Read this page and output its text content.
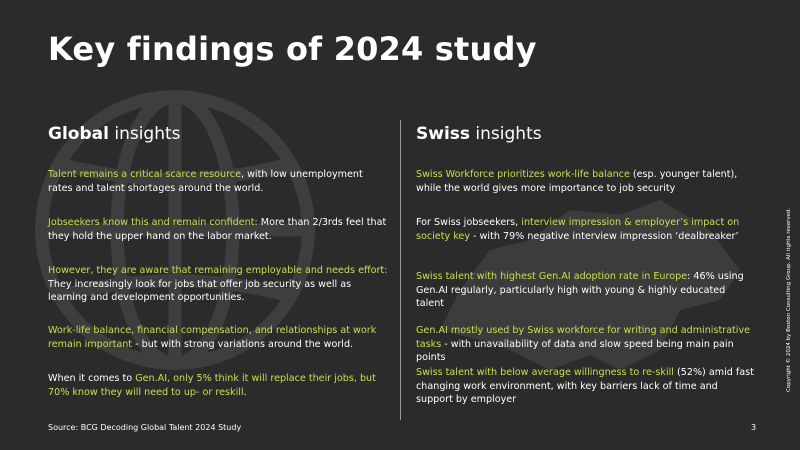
Key findings of 2024 study
Global insights	Swiss insights
Talent remains a critical scarce resource, with low unemployment rates and talent shortages around the world.
Jobseekers know this and remain confident: More than 2/3rds feel that they hold the upper hand on the labor market.
However, they are aware that remaining employable and needs effort: They increasingly look for jobs that offer job security as well as learning and development opportunities.
Work-life balance, financial compensation, and relationships at work remain important - but with strong variations around the world.
When it comes to Gen.AI, only 5% think it will replace their jobs, but 70% know they will need to up- or reskill.
Swiss Workforce prioritizes work-life balance (esp. younger talent), while the world gives more importance to job security
For Swiss jobseekers, interview impression & employer’s impact on society key - with 79% negative interview impression ‘dealbreaker’
Swiss talent with highest Gen.AI adoption rate in Europe: 46% using Gen.AI regularly, particularly high with young & highly educated talent
Gen.AI mostly used by Swiss workforce for writing and administrative tasks - with unavailability of data and slow speed being main pain points
Swiss talent with below average willingness to re-skill (52%) amid fast changing work environment, with key barriers lack of time and support by employer
Source: BCG Decoding Global Talent 2024 Study	3
Copyright © 2024 by Boston Consulting Group. All rights reserved.
